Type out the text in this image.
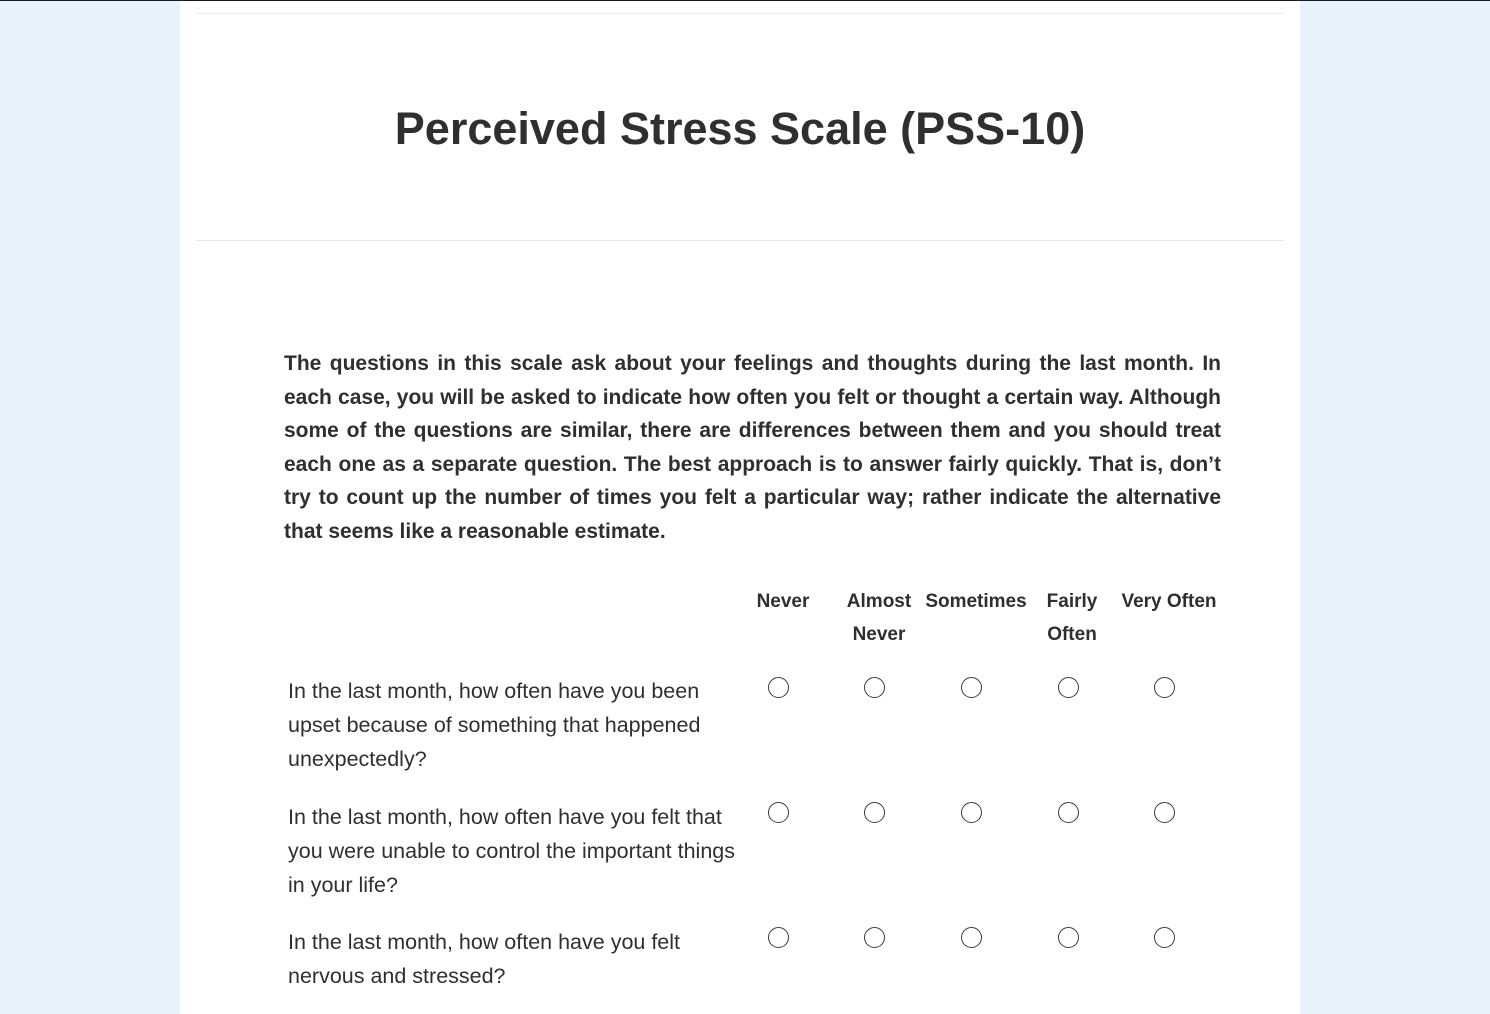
Perceived Stress Scale (PSS-10)

The questions in this scale ask about your feelings and thoughts during the last month. In each case, you will be asked to indicate how often you felt or thought a certain way. Although some of the questions are similar, there are differences between them and you should treat each one as a separate question. The best approach is to answer fairly quickly. That is, don’t try to count up the number of times you felt a particular way; rather indicate the alternative that seems like a reasonable estimate.

Never	Almost
Never
Sometimes	Fairly
Often
Very Often

In the last month, how often have you been upset because of something that happened unexpectedly?

In the last month, how often have you felt that you were unable to control the important things in your life?

In the last month, how often have you felt nervous and stressed?
